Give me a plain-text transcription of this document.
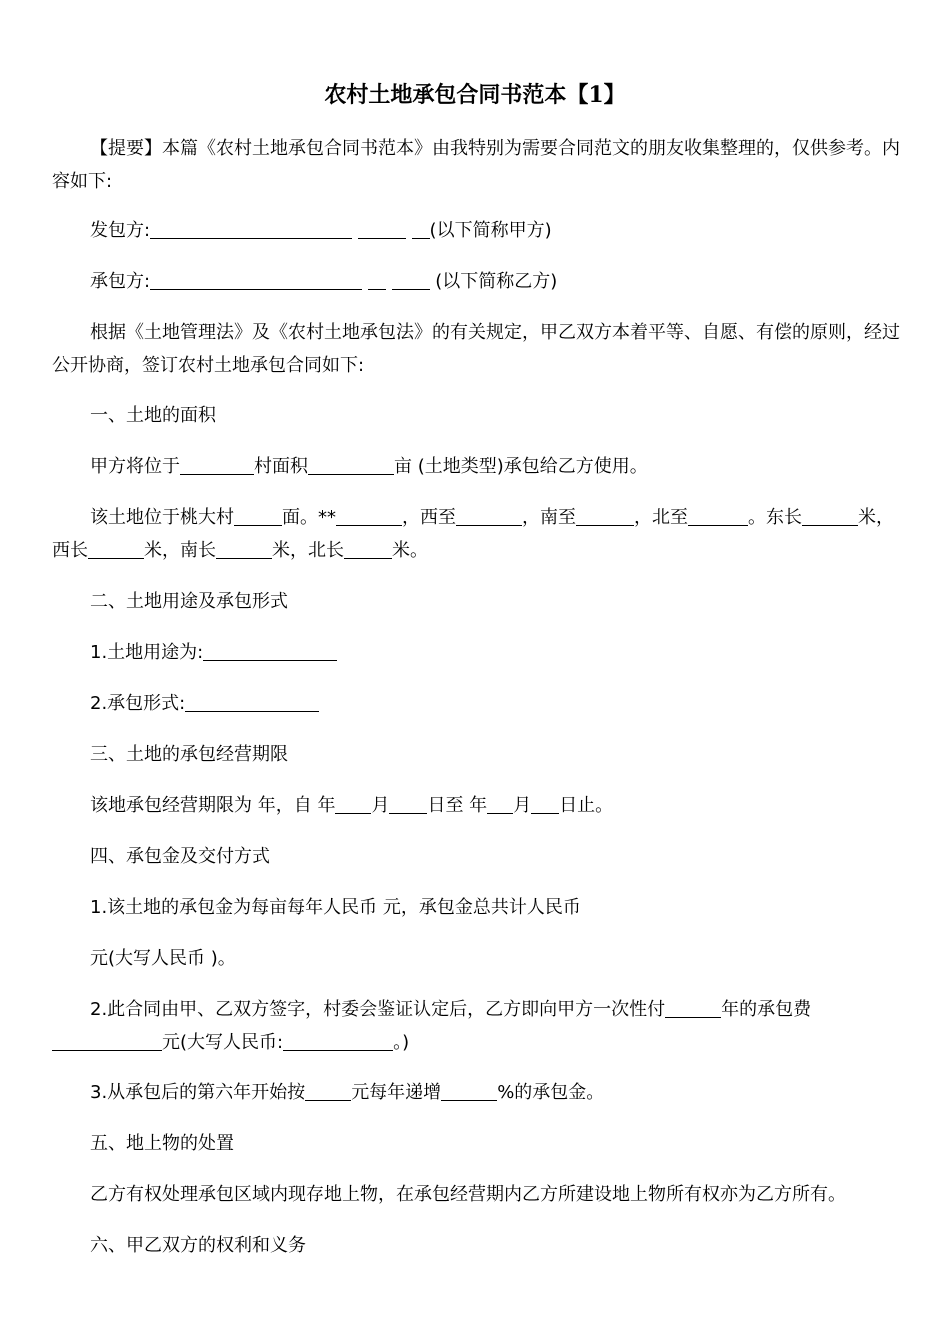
农村土地承包合同书范本【1】
【提要】本篇《农村土地承包合同书范本》由我特别为需要合同范文的朋友收集整理的，仅供参考。内容如下:
发包方:	(以下简称甲方)
承包方:	(以下简称乙方)
根据《土地管理法》及《农村土地承包法》的有关规定，甲乙双方本着平等、自愿、有偿的原则，经过公开协商，签订农村土地承包合同如下:
一、土地的面积
甲方将位于	村面积	亩 (土地类型)承包给乙方使用。
该土地位于桃大村	面。**	，西至	，南至	，北至	。东长	米，西长	米，南长	米，北长	米。
二、土地用途及承包形式
1.土地用途为:
2.承包形式:
三、土地的承包经营期限
该地承包经营期限为 年，自 年 月 日至 年 月 日止。
四、承包金及交付方式
1.该土地的承包金为每亩每年人民币 元，承包金总共计人民币
元(大写人民币 )。
2.此合同由甲、乙双方签字，村委会鉴证认定后，乙方即向甲方一次性付	年的承包费元(大写人民币:	。)
3.从承包后的第六年开始按	元每年递增	%的承包金。
五、地上物的处置
乙方有权处理承包区域内现存地上物，在承包经营期内乙方所建设地上物所有权亦为乙方所有。
六、甲乙双方的权利和义务
